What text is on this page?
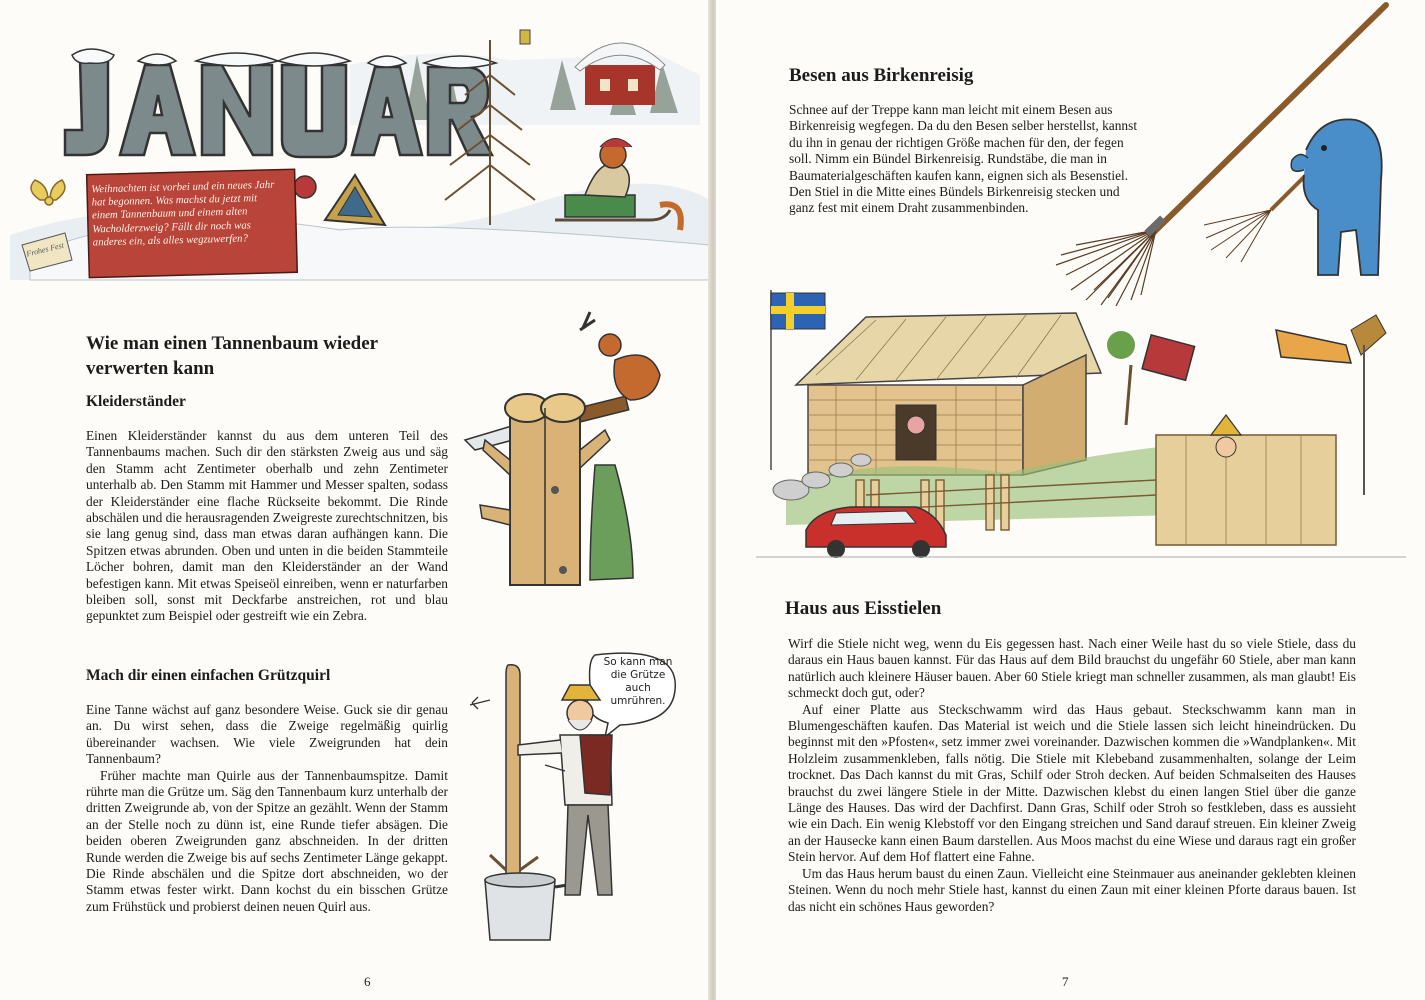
Weihnachten ist vorbei und ein neues Jahr hat begonnen. Was machst du jetzt mit einem Tannenbaum und einem alten Wacholderzweig? Fällt dir noch was anderes ein, als alles wegzuwerfen?
Frohes Fest
Wie man einen Tannenbaum wieder verwerten kann
Kleiderständer

Einen Kleiderständer kannst du aus dem unteren Teil des Tannenbaums machen. Such dir den stärksten Zweig aus und säg den Stamm acht Zentimeter oberhalb und zehn Zentimeter unterhalb ab. Den Stamm mit Hammer und Messer spalten, sodass der Kleiderständer eine flache Rückseite bekommt. Die Rinde abschälen und die herausragenden Zweigreste zurechtschnitzen, bis sie lang genug sind, dass man etwas daran aufhängen kann. Die Spitzen etwas abrunden. Oben und unten in die beiden Stammteile Löcher bohren, damit man den Kleiderständer an der Wand befestigen kann. Mit etwas Speiseöl einreiben, wenn er naturfarben bleiben soll, sonst mit Deckfarbe anstreichen, rot und blau gepunktet zum Beispiel oder gestreift wie ein Zebra.

Mach dir einen einfachen Grützquirl

Eine Tanne wächst auf ganz besondere Weise. Guck sie dir genau an. Du wirst sehen, dass die Zweige regelmäßig quirlig übereinander wachsen. Wie viele Zweigrunden hat dein Tannenbaum?

Früher machte man Quirle aus der Tannenbaumspitze. Damit rührte man die Grütze um. Säg den Tannenbaum kurz unterhalb der dritten Zweigrunde ab, von der Spitze an gezählt. Wenn der Stamm an der Stelle noch zu dünn ist, eine Runde tiefer absägen. Die beiden oberen Zweigrunden ganz abschneiden. In der dritten Runde werden die Zweige bis auf sechs Zentimeter Länge gekappt. Die Rinde abschälen und die Spitze dort abschneiden, wo der Stamm etwas fester wirkt. Dann kochst du ein bisschen Grütze zum Frühstück und probierst deinen neuen Quirl aus.

So kann man die Grütze auch umrühren.
6
Besen aus Birkenreisig

Schnee auf der Treppe kann man leicht mit einem Besen aus Birkenreisig wegfegen. Da du den Besen selber herstellst, kannst du ihn in genau der richtigen Größe machen für den, der fegen soll. Nimm ein Bündel Birkenreisig. Rundstäbe, die man in Baumaterialgeschäften kaufen kann, eignen sich als Besenstiel. Den Stiel in die Mitte eines Bündels Birkenreisig stecken und ganz fest mit einem Draht zusammenbinden.

Haus aus Eisstielen

Wirf die Stiele nicht weg, wenn du Eis gegessen hast. Nach einer Weile hast du so viele Stiele, dass du daraus ein Haus bauen kannst. Für das Haus auf dem Bild brauchst du ungefähr 60 Stiele, aber man kann natürlich auch kleinere Häuser bauen. Aber 60 Stiele kriegt man schneller zusammen, als man glaubt! Eis schmeckt doch gut, oder?

Auf einer Platte aus Steckschwamm wird das Haus gebaut. Steckschwamm kann man in Blumengeschäften kaufen. Das Material ist weich und die Stiele lassen sich leicht hineindrücken. Du beginnst mit den »Pfosten«, setz immer zwei voreinander. Dazwischen kommen die »Wandplanken«. Mit Holzleim zusammenkleben, falls nötig. Die Stiele mit Klebeband zusammenhalten, solange der Leim trocknet. Das Dach kannst du mit Gras, Schilf oder Stroh decken. Auf beiden Schmalseiten des Hauses brauchst du zwei längere Stiele in der Mitte. Dazwischen klebst du einen langen Stiel über die ganze Länge des Hauses. Das wird der Dachfirst. Dann Gras, Schilf oder Stroh so festkleben, dass es aussieht wie ein Dach. Ein wenig Klebstoff vor den Eingang streichen und Sand darauf streuen. Ein kleiner Zweig an der Hausecke kann einen Baum darstellen. Aus Moos machst du eine Wiese und daraus ragt ein großer Stein hervor. Auf dem Hof flattert eine Fahne.

Um das Haus herum baust du einen Zaun. Vielleicht eine Steinmauer aus aneinander geklebten kleinen Steinen. Wenn du noch mehr Stiele hast, kannst du einen Zaun mit einer kleinen Pforte daraus bauen. Ist das nicht ein schönes Haus geworden?

7
